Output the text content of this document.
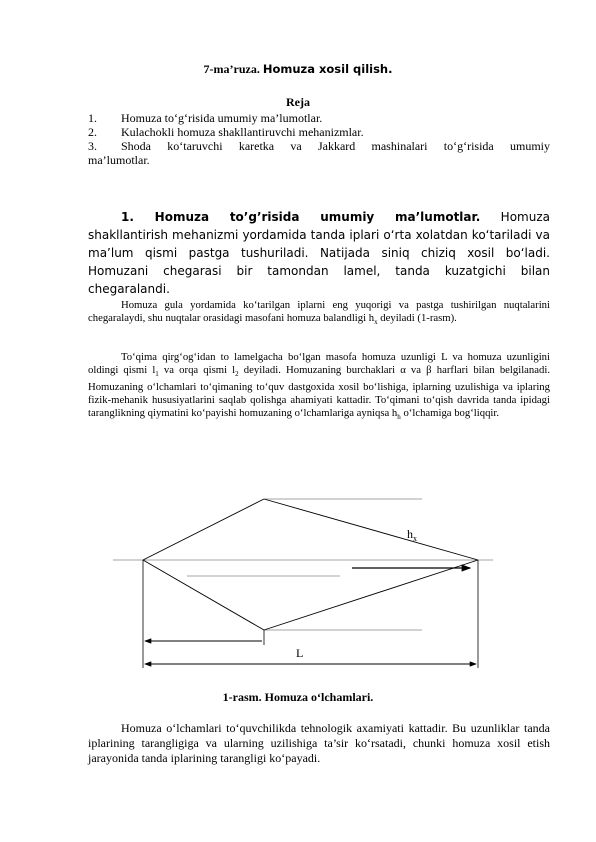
7-ma’ruza. Homuza xosil qilish.
Reja
1.	Homuza to‘g‘risida umumiy ma’lumotlar.
2.	Kulachokli homuza shakllantiruvchi mehanizmlar.
3.	Shoda ko‘taruvchi karetka va Jakkard mashinalari to‘g‘risida umumiy
ma’lumotlar.
1. Homuza to’g’risida umumiy ma’lumotlar. Homuza shakllantirish mehanizmi yordamida tanda iplari o‘rta xolatdan ko‘tariladi va ma’lum qismi pastga tushuriladi. Natijada siniq chiziq xosil bo‘ladi. Homuzani chegarasi bir tamondan lamel, tanda kuzatgichi bilan chegaralandi.
Homuza gula yordamida ko‘tarilgan iplarni eng yuqorigi va pastga tushirilgan nuqtalarini chegaralaydi, shu nuqtalar orasidagi masofani homuza balandligi $h_x$ deyiladi (1-rasm).
To‘qima qirg‘og‘idan to lamelgacha bo‘lgan masofa homuza uzunligi L va homuza uzunligini oldingi qismi $l_1$ va orqa qismi $l_2$ deyiladi. Homuzaning burchaklari α va β harflari bilan belgilanadi. Homuzaning o‘lchamlari to‘qimaning to‘quv dastgoxida xosil bo‘lishiga, iplarning uzulishiga va iplaring fizik-mehanik hususiyatlarini saqlab qolishga ahamiyati kattadir. To‘qimani to‘qish davrida tanda ipidagi taranglikning qiymatini ko‘payishi homuzaning o‘lchamlariga ayniqsa $h_h$ o‘lchamiga bog‘liqqir.
$h_x$
L
1-rasm. Homuza o‘lchamlari.
Homuza o‘lchamlari to‘quvchilikda tehnologik axamiyati kattadir. Bu uzunliklar tanda iplarining tarangligiga va ularning uzilishiga ta’sir ko‘rsatadi, chunki homuza xosil etish jarayonida tanda iplarining tarangligi ko‘payadi.
